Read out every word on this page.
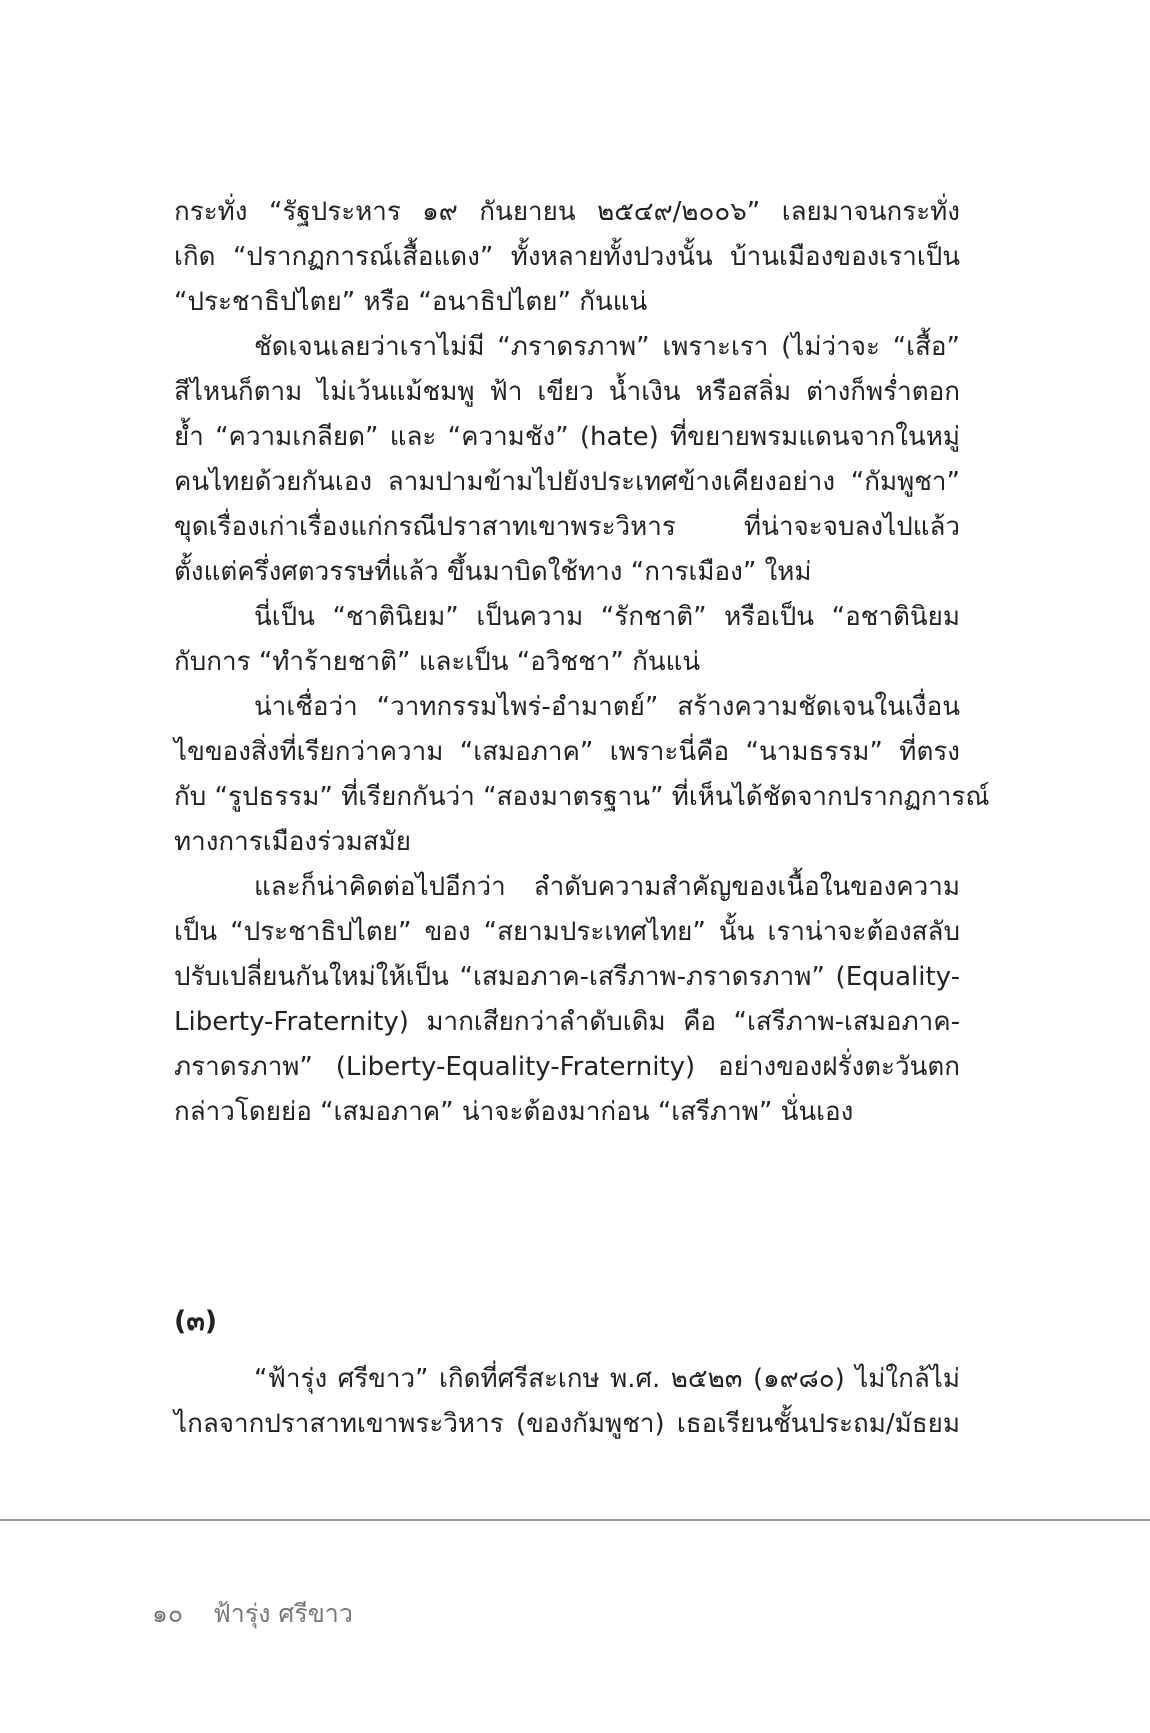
กระทั่ง “รัฐประหาร ๑๙ กันยายน ๒๕๔๙/๒๐๐๖” เลยมาจนกระทั่ง
เกิด “ปรากฏการณ์เสื้อแดง” ทั้งหลายทั้งปวงนั้น บ้านเมืองของเราเป็น
“ประชาธิปไตย” หรือ “อนาธิปไตย” กันแน่
ชัดเจนเลยว่าเราไม่มี “ภราดรภาพ” เพราะเรา (ไม่ว่าจะ “เสื้อ”
สีไหนก็ตาม ไม่เว้นแม้ชมพู ฟ้า เขียว น้ำเงิน หรือสลิ่ม ต่างก็พร่ำตอก
ย้ำ “ความเกลียด” และ “ความชัง” (hate) ที่ขยายพรมแดนจากในหมู่
คนไทยด้วยกันเอง ลามปามข้ามไปยังประเทศข้างเคียงอย่าง “กัมพูชา”
ขุดเรื่องเก่าเรื่องแก่กรณีปราสาทเขาพระวิหาร ที่น่าจะจบลงไปแล้ว
ตั้งแต่ครึ่งศตวรรษที่แล้ว ขึ้นมาบิดใช้ทาง “การเมือง” ใหม่
นี่เป็น “ชาตินิยม” เป็นความ “รักชาติ” หรือเป็น “อชาตินิยม
กับการ “ทำร้ายชาติ” และเป็น “อวิชชา” กันแน่
น่าเชื่อว่า “วาทกรรมไพร่-อำมาตย์” สร้างความชัดเจนในเงื่อน
ไขของสิ่งที่เรียกว่าความ “เสมอภาค” เพราะนี่คือ “นามธรรม” ที่ตรง
กับ “รูปธรรม” ที่เรียกกันว่า “สองมาตรฐาน” ที่เห็นได้ชัดจากปรากฏการณ์
ทางการเมืองร่วมสมัย
และก็น่าคิดต่อไปอีกว่า ลำดับความสำคัญของเนื้อในของความ
เป็น “ประชาธิปไตย” ของ “สยามประเทศไทย” นั้น เราน่าจะต้องสลับ
ปรับเปลี่ยนกันใหม่ให้เป็น “เสมอภาค-เสรีภาพ-ภราดรภาพ” (Equality-
Liberty-Fraternity) มากเสียกว่าลำดับเดิม คือ “เสรีภาพ-เสมอภาค-
ภราดรภาพ” (Liberty-Equality-Fraternity) อย่างของฝรั่งตะวันตก
กล่าวโดยย่อ “เสมอภาค” น่าจะต้องมาก่อน “เสรีภาพ” นั่นเอง
(๓)
“ฟ้ารุ่ง ศรีขาว” เกิดที่ศรีสะเกษ พ.ศ. ๒๕๒๓ (๑๙๘๐) ไม่ใกล้ไม่
ไกลจากปราสาทเขาพระวิหาร (ของกัมพูชา) เธอเรียนชั้นประถม/มัธยม
๑๐ ฟ้ารุ่ง ศรีขาว
